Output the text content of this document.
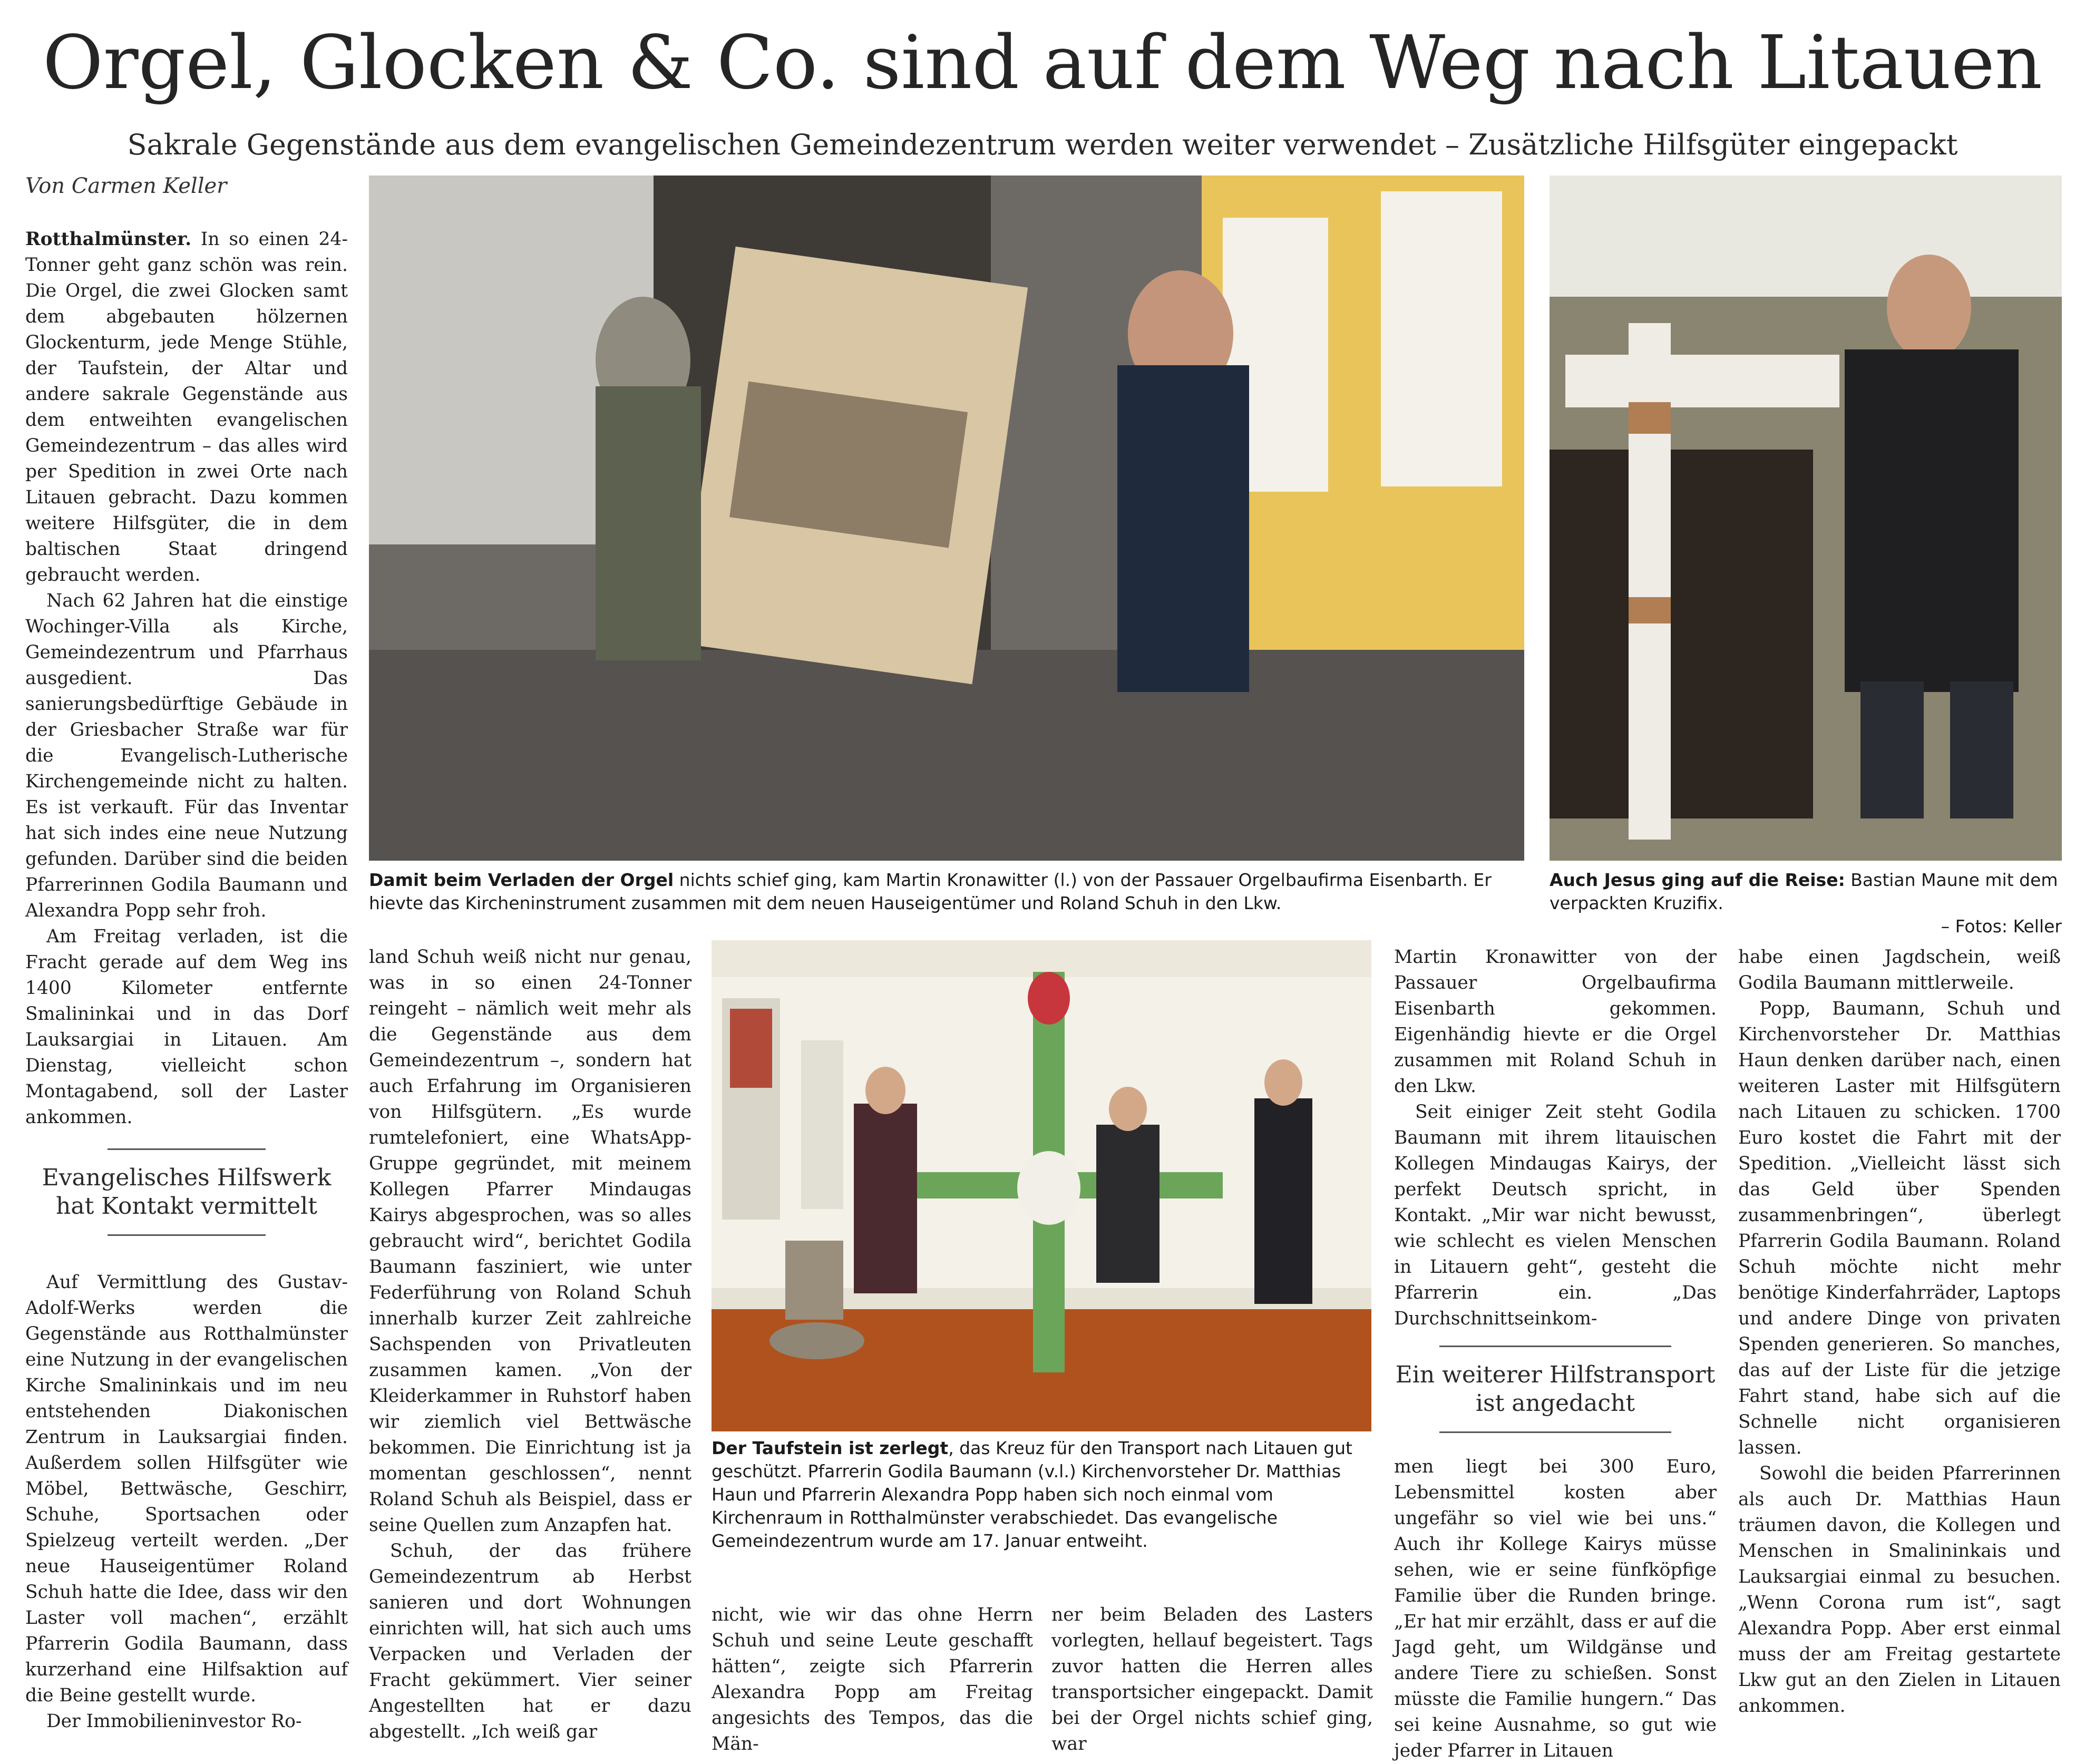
Orgel, Glocken & Co. sind auf dem Weg nach Litauen
Sakrale Gegenstände aus dem evangelischen Gemeindezentrum werden weiter verwendet – Zusätzliche Hilfsgüter eingepackt
Von Carmen Keller

Rotthalmünster. In so einen 24-Tonner geht ganz schön was rein. Die Orgel, die zwei Glocken samt dem abgebauten hölzernen Glockenturm, jede Menge Stühle, der Taufstein, der Altar und andere sakrale Gegenstände aus dem entweihten evangelischen Gemeindezentrum – das alles wird per Spedition in zwei Orte nach Litauen gebracht. Dazu kommen weitere Hilfsgüter, die in dem baltischen Staat dringend gebraucht werden.

Nach 62 Jahren hat die einstige Wochinger-Villa als Kirche, Gemeindezentrum und Pfarrhaus ausgedient. Das sanierungsbedürftige Gebäude in der Griesbacher Straße war für die Evangelisch-Lutherische Kirchengemeinde nicht zu halten. Es ist verkauft. Für das Inventar hat sich indes eine neue Nutzung gefunden. Darüber sind die beiden Pfarrerinnen Godila Baumann und Alexandra Popp sehr froh.

Am Freitag verladen, ist die Fracht gerade auf dem Weg ins 1400 Kilometer entfernte Smalininkai und in das Dorf Lauksargiai in Litauen. Am Dienstag, vielleicht schon Montagabend, soll der Laster ankommen.

Evangelisches Hilfswerk hat Kontakt vermittelt

Auf Vermittlung des Gustav-Adolf-Werks werden die Gegenstände aus Rotthalmünster eine Nutzung in der evangelischen Kirche Smalininkais und im neu entstehenden Diakonischen Zentrum in Lauksargiai finden. Außerdem sollen Hilfsgüter wie Möbel, Bettwäsche, Geschirr, Schuhe, Sportsachen oder Spielzeug verteilt werden. „Der neue Hauseigentümer Roland Schuh hatte die Idee, dass wir den Laster voll machen“, erzählt Pfarrerin Godila Baumann, dass kurzerhand eine Hilfsaktion auf die Beine gestellt wurde.

Der Immobilieninvestor Ro-

Damit beim Verladen der Orgel nichts schief ging, kam Martin Kronawitter (l.) von der Passauer Orgelbaufirma Eisenbarth. Er hievte das Kircheninstrument zusammen mit dem neuen Hauseigentümer und Roland Schuh in den Lkw.
Auch Jesus ging auf die Reise: Bastian Maune mit dem verpackten Kruzifix.
– Fotos: Keller

land Schuh weiß nicht nur genau, was in so einen 24-Tonner reingeht – nämlich weit mehr als die Gegenstände aus dem Gemeindezentrum –, sondern hat auch Erfahrung im Organisieren von Hilfsgütern. „Es wurde rumtelefoniert, eine WhatsApp-Gruppe gegründet, mit meinem Kollegen Pfarrer Mindaugas Kairys abgesprochen, was so alles gebraucht wird“, berichtet Godila Baumann fasziniert, wie unter Federführung von Roland Schuh innerhalb kurzer Zeit zahlreiche Sachspenden von Privatleuten zusammen kamen. „Von der Kleiderkammer in Ruhstorf haben wir ziemlich viel Bettwäsche bekommen. Die Einrichtung ist ja momentan geschlossen“, nennt Roland Schuh als Beispiel, dass er seine Quellen zum Anzapfen hat.

Schuh, der das frühere Gemeindezentrum ab Herbst sanieren und dort Wohnungen einrichten will, hat sich auch ums Verpacken und Verladen der Fracht gekümmert. Vier seiner Angestellten hat er dazu abgestellt. „Ich weiß gar

Der Taufstein ist zerlegt, das Kreuz für den Transport nach Litauen gut geschützt. Pfarrerin Godila Baumann (v.l.) Kirchenvorsteher Dr. Matthias Haun und Pfarrerin Alexandra Popp haben sich noch einmal vom Kirchenraum in Rotthalmünster verabschiedet. Das evangelische Gemeindezentrum wurde am 17. Januar entweiht.

nicht, wie wir das ohne Herrn Schuh und seine Leute geschafft hätten“, zeigte sich Pfarrerin Alexandra Popp am Freitag angesichts des Tempos, das die Män-

ner beim Beladen des Lasters vorlegten, hellauf begeistert. Tags zuvor hatten die Herren alles transportsicher eingepackt. Damit bei der Orgel nichts schief ging, war

Martin Kronawitter von der Passauer Orgelbaufirma Eisenbarth gekommen. Eigenhändig hievte er die Orgel zusammen mit Roland Schuh in den Lkw.

Seit einiger Zeit steht Godila Baumann mit ihrem litauischen Kollegen Mindaugas Kairys, der perfekt Deutsch spricht, in Kontakt. „Mir war nicht bewusst, wie schlecht es vielen Menschen in Litauern geht“, gesteht die Pfarrerin ein. „Das Durchschnittseinkom-

Ein weiterer Hilfstransport ist angedacht

men liegt bei 300 Euro, Lebensmittel kosten aber ungefähr so viel wie bei uns.“ Auch ihr Kollege Kairys müsse sehen, wie er seine fünfköpfige Familie über die Runden bringe. „Er hat mir erzählt, dass er auf die Jagd geht, um Wildgänse und andere Tiere zu schießen. Sonst müsste die Familie hungern.“ Das sei keine Ausnahme, so gut wie jeder Pfarrer in Litauen

habe einen Jagdschein, weiß Godila Baumann mittlerweile.

Popp, Baumann, Schuh und Kirchenvorsteher Dr. Matthias Haun denken darüber nach, einen weiteren Laster mit Hilfsgütern nach Litauen zu schicken. 1700 Euro kostet die Fahrt mit der Spedition. „Vielleicht lässt sich das Geld über Spenden zusammenbringen“, überlegt Pfarrerin Godila Baumann. Roland Schuh möchte nicht mehr benötige Kinderfahrräder, Laptops und andere Dinge von privaten Spenden generieren. So manches, das auf der Liste für die jetzige Fahrt stand, habe sich auf die Schnelle nicht organisieren lassen.

Sowohl die beiden Pfarrerinnen als auch Dr. Matthias Haun träumen davon, die Kollegen und Menschen in Smalininkais und Lauksargiai einmal zu besuchen. „Wenn Corona rum ist“, sagt Alexandra Popp. Aber erst einmal muss der am Freitag gestartete Lkw gut an den Zielen in Litauen ankommen.
